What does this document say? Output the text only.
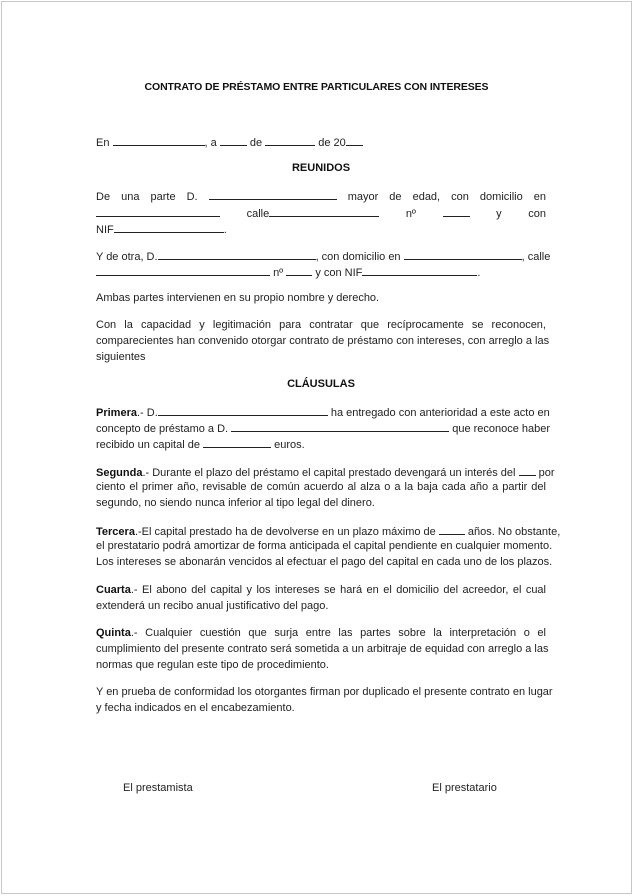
CONTRATO DE PRÉSTAMO ENTRE PARTICULARES CON INTERESES
En	, a	de	de 20
REUNIDOS
De una parte D.	mayor de edad, con domicilio en
calle	nº	y con
NIF	.
Y de otra, D.	, con domicilio en	, calle
nº	y con NIF	.
Ambas partes intervienen en su propio nombre y derecho.
Con la capacidad y legitimación para contratar que recíprocamente se reconocen,
comparecientes han convenido otorgar contrato de préstamo con intereses, con arreglo a las
siguientes
CLÁUSULAS
Primera.- D.	ha entregado con anterioridad a este acto en
concepto de préstamo a D.	que reconoce haber
recibido un capital de	euros.
Segunda.- Durante el plazo del préstamo el capital prestado devengará un interés del por
ciento el primer año, revisable de común acuerdo al alza o a la baja cada año a partir del
segundo, no siendo nunca inferior al tipo legal del dinero.
Tercera.-El capital prestado ha de devolverse en un plazo máximo de	años. No obstante,
el prestatario podrá amortizar de forma anticipada el capital pendiente en cualquier momento.
Los intereses se abonarán vencidos al efectuar el pago del capital en cada uno de los plazos.
Cuarta.- El abono del capital y los intereses se hará en el domicilio del acreedor, el cual
extenderá un recibo anual justificativo del pago.
Quinta.- Cualquier cuestión que surja entre las partes sobre la interpretación o el
cumplimiento del presente contrato será sometida a un arbitraje de equidad con arreglo a las
normas que regulan este tipo de procedimiento.
Y en prueba de conformidad los otorgantes firman por duplicado el presente contrato en lugar
y fecha indicados en el encabezamiento.
El prestamista	El prestatario
